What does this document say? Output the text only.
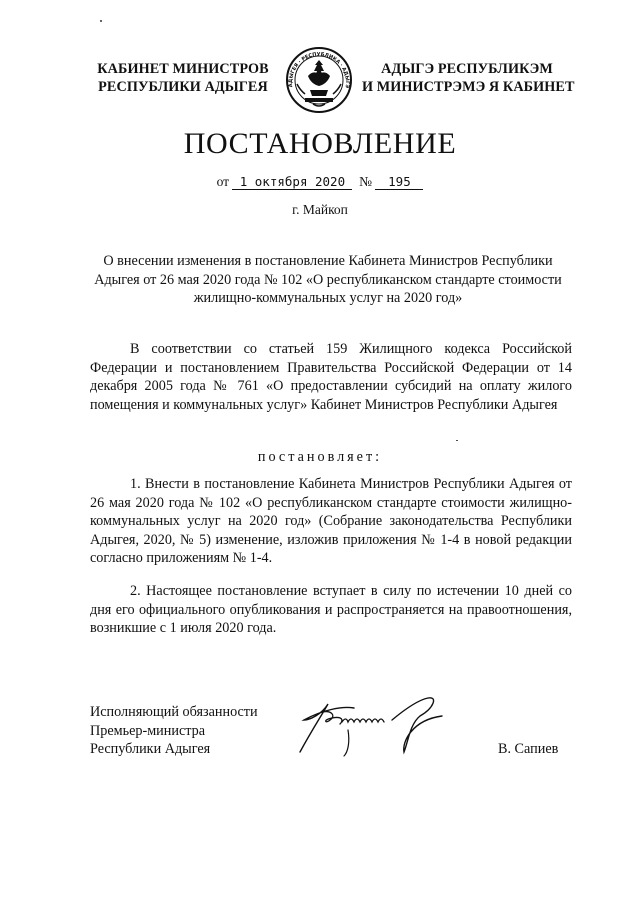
КАБИНЕТ МИНИСТРОВ
РЕСПУБЛИКИ АДЫГЕЯ	АДЫГЕЯ · РЕСПУБЛИКА · АДЫГЭ
АДЫГЭ РЕСПУБЛИКЭМ
И МИНИСТРЭМЭ Я КАБИНЕТ
ПОСТАНОВЛЕНИЕ
от 1 октября 2020 № 195
г. Майкоп
О внесении изменения в постановление Кабинета Министров Республики Адыгея от 26 мая 2020 года № 102 «О республиканском стандарте стоимости жилищно-коммунальных услуг на 2020 год»
В соответствии со статьей 159 Жилищного кодекса Российской Федерации и постановлением Правительства Российской Федерации от 14 декабря 2005 года № 761 «О предоставлении субсидий на оплату жилого помещения и коммунальных услуг» Кабинет Министров Республики Адыгея
постановляет:
1. Внести в постановление Кабинета Министров Республики Адыгея от 26 мая 2020 года № 102 «О республиканском стандарте стоимости жилищно-коммунальных услуг на 2020 год» (Собрание законодательства Республики Адыгея, 2020, № 5) изменение, изложив приложения № 1-4 в новой редакции согласно приложениям № 1-4.
2. Настоящее постановление вступает в силу по истечении 10 дней со дня его официального опубликования и распространяется на правоотношения, возникшие с 1 июля 2020 года.
Исполняющий обязанности
Премьер-министра
Республики Адыгея	В. Сапиев
